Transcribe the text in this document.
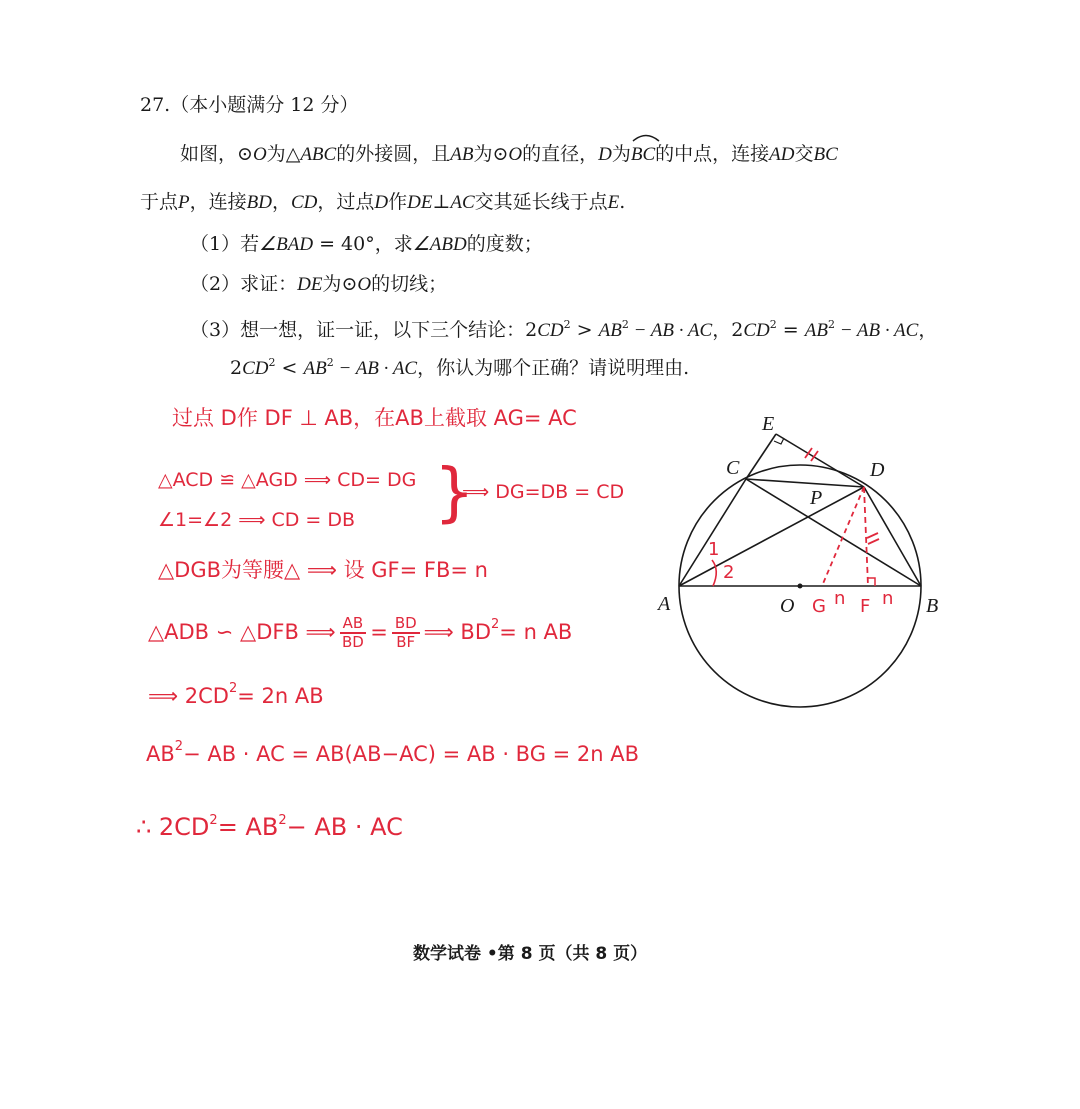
27.（本小题满分 12 分）
如图，⊙O为△ABC的外接圆，且AB为⊙O的直径，D为
BC的中点，连接AD交BC
于点P，连接BD，CD，过点D作DE⊥AC交其延长线于点E.
（1）若∠BAD = 40°，求∠ABD的度数；
（2）求证：DE为⊙O的切线；
（3）想一想，证一证，以下三个结论：$2CD^2 > AB^2$ − AB · AC，$2CD^2 = AB^2$ − AB · AC，
$2CD^2 < AB^2$ − AB · AC，你认为哪个正确？请说明理由.
过点 D作 DF ⊥ AB，在AB上截取 AG= AC
△ACD ≌ △AGD ⟹ CD= DG
∠1=∠2 ⟹ CD = DB }
⟹ DG=DB = CD
△DGB为等腰△ ⟹ 设 GF= FB= n
△ADB ∽ △DFB ⟹ $\frac{AB}{BD} = \frac{BD}{BF}$ ⟹ $BD^2= n$ AB
⟹ $2CD^2= 2n$ AB
$AB^2-$ AB · AC = AB(AB−AC) = AB · BG = 2n AB
∴ $2CD^2= AB^2-$ AB · AC
1
2
n n
E
C	D
P
A	O	B
G F
数学试卷 •第 8 页（共 8 页）
